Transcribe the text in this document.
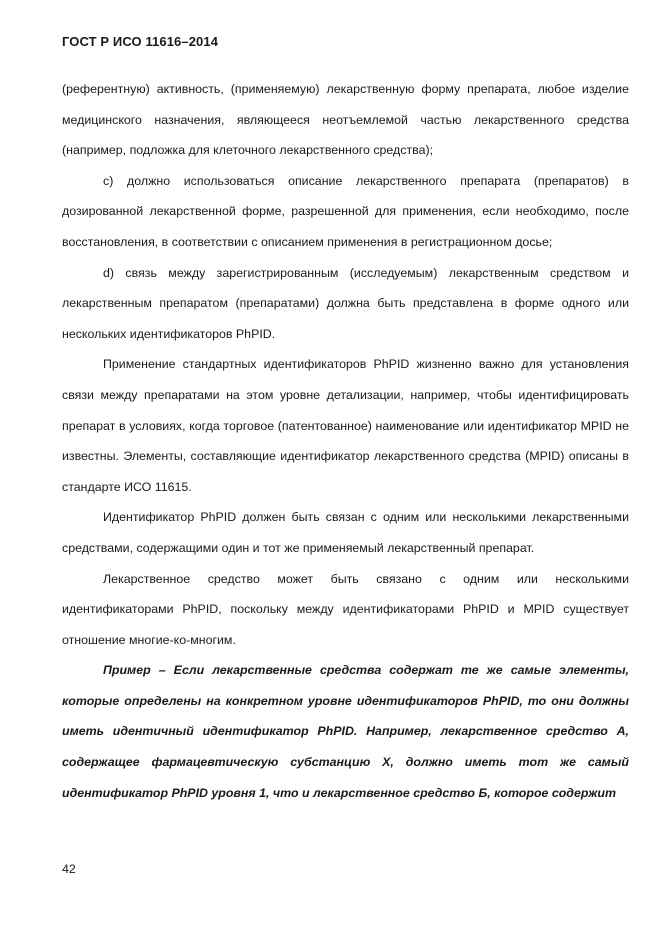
ГОСТ Р ИСО 11616–2014

(референтную) активность, (применяемую) лекарственную форму препарата, любое изделие медицинского назначения, являющееся неотъемлемой частью лекарственного средства (например, подложка для клеточного лекарственного средства);

c) должно использоваться описание лекарственного препарата (препаратов) в дозированной лекарственной форме, разрешенной для применения, если необходимо, после восстановления, в соответствии с описанием применения в регистрационном досье;

d) связь между зарегистрированным (исследуемым) лекарственным средством и лекарственным препаратом (препаратами) должна быть представлена в форме одного или нескольких идентификаторов PhPID.

Применение стандартных идентификаторов PhPID жизненно важно для установления связи между препаратами на этом уровне детализации, например, чтобы идентифицировать препарат в условиях, когда торговое (патентованное) наименование или идентификатор MPID не известны. Элементы, составляющие идентификатор лекарственного средства (MPID) описаны в стандарте ИСО 11615.

Идентификатор PhPID должен быть связан с одним или несколькими лекарственными средствами, содержащими один и тот же применяемый лекарственный препарат.

Лекарственное средство может быть связано с одним или несколькими идентификаторами PhPID, поскольку между идентификаторами PhPID и MPID существует отношение многие-ко-многим.

Пример – Если лекарственные средства содержат те же самые элементы, которые определены на конкретном уровне идентификаторов PhPID, то они должны иметь идентичный идентификатор PhPID. Например, лекарственное средство А, содержащее фармацевтическую субстанцию Х, должно иметь тот же самый идентификатор PhPID уровня 1, что и лекарственное средство Б, которое содержит

42
